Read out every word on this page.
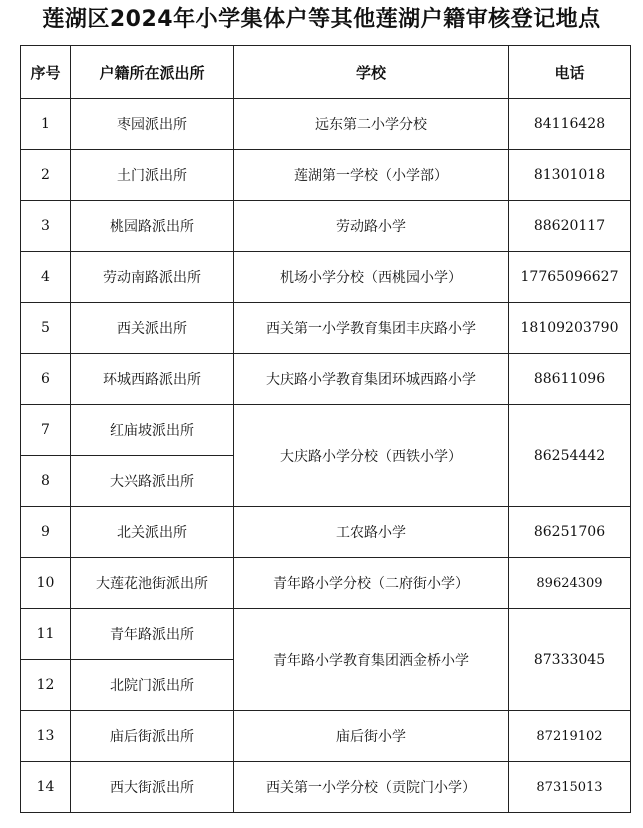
莲湖区2024年小学集体户等其他莲湖户籍审核登记地点
序号	户籍所在派出所	学校	电话
1	枣园派出所	远东第二小学分校	84116428
2	土门派出所	莲湖第一学校（小学部）	81301018
3	桃园路派出所	劳动路小学	88620117
4	劳动南路派出所	机场小学分校（西桃园小学）	17765096627
5	西关派出所	西关第一小学教育集团丰庆路小学	18109203790
6	环城西路派出所	大庆路小学教育集团环城西路小学	88611096
7	红庙坡派出所	大庆路小学分校（西铁小学）	86254442
8	大兴路派出所		
9	北关派出所	工农路小学	86251706
10	大莲花池街派出所	青年路小学分校（二府街小学）	89624309
11	青年路派出所	青年路小学教育集团洒金桥小学	87333045
12	北院门派出所		
13	庙后街派出所	庙后街小学	87219102
14	西大街派出所	西关第一小学分校（贡院门小学）	87315013
